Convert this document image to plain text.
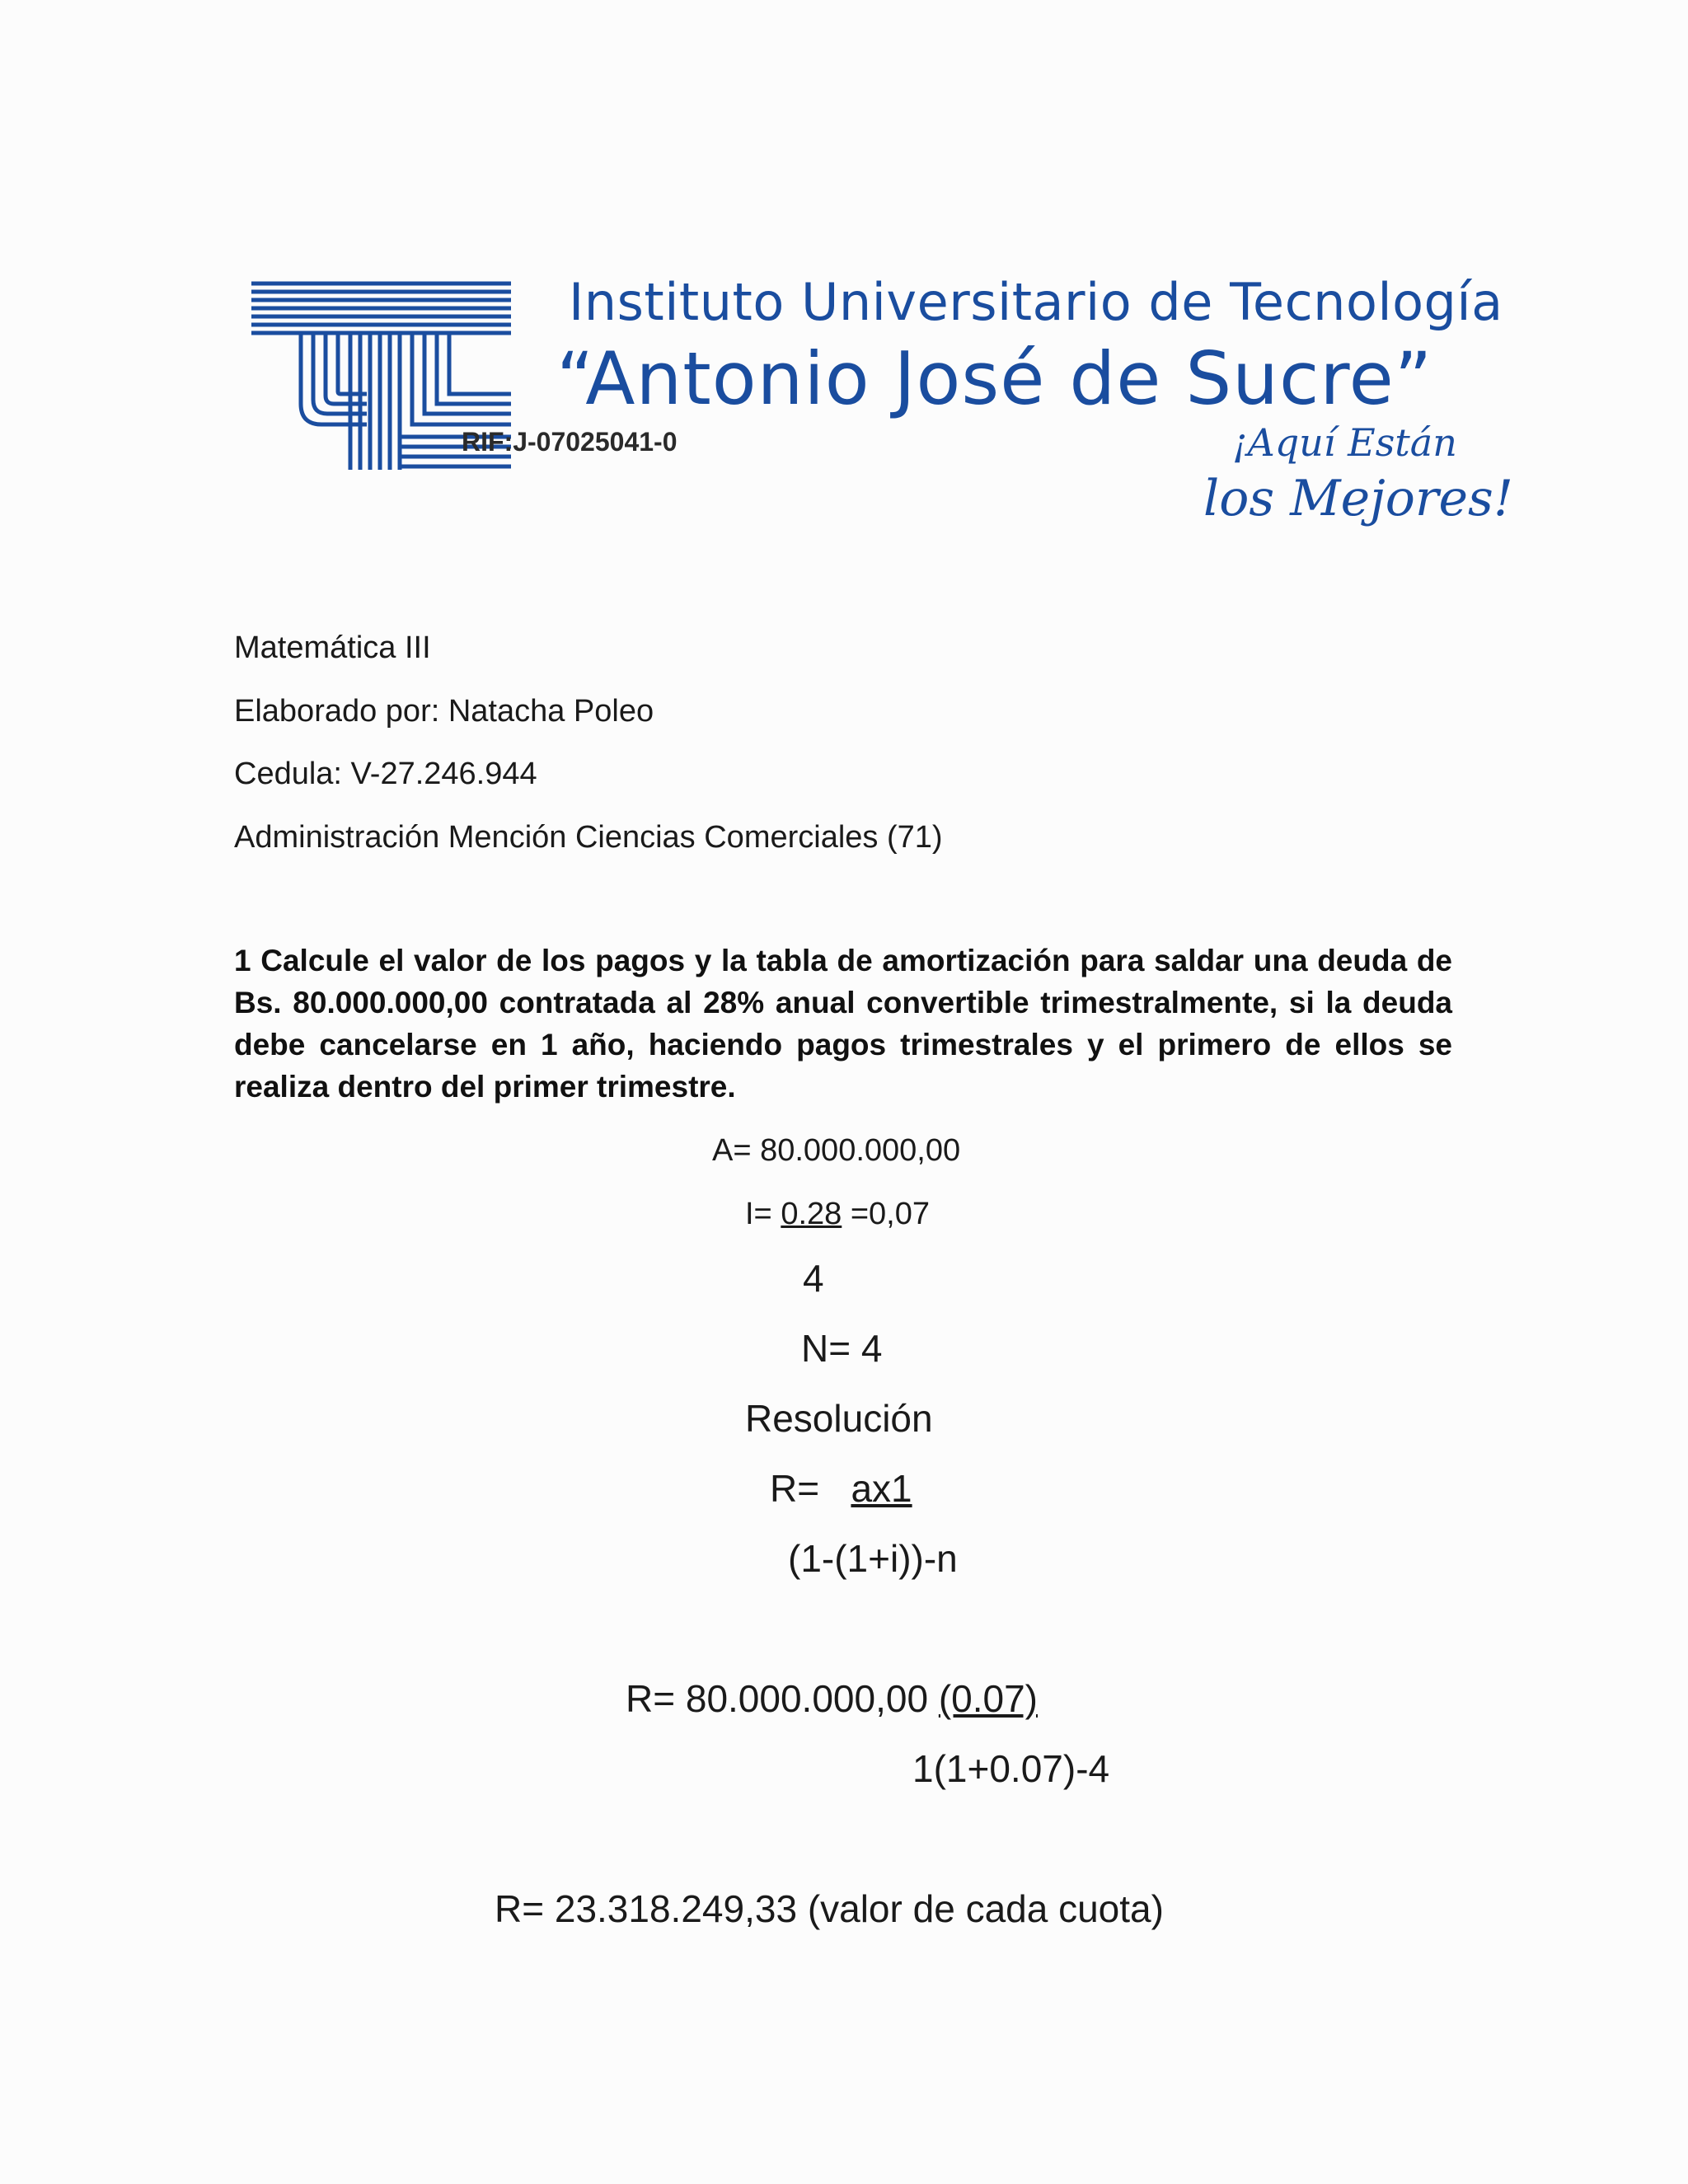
Instituto Universitario de Tecnología
“Antonio José de Sucre”
RIF:J-07025041-0	¡Aquí Están
los Mejores!
Matemática III
Elaborado por: Natacha Poleo
Cedula: V-27.246.944
Administración Mención Ciencias Comerciales (71)
1 Calcule el valor de los pagos y la tabla de amortización para saldar una deuda de Bs. 80.000.000,00 contratada al 28% anual convertible trimestralmente, si la deuda debe cancelarse en 1 año, haciendo pagos trimestrales y el primero de ellos se realiza dentro del primer trimestre.
A= 80.000.000,00
I= 0.28 =0,07
4
N= 4
Resolución
R= ax1
(1-(1+i))-n
R= 80.000.000,00 (0.07)
1(1+0.07)-4
R= 23.318.249,33 (valor de cada cuota)
